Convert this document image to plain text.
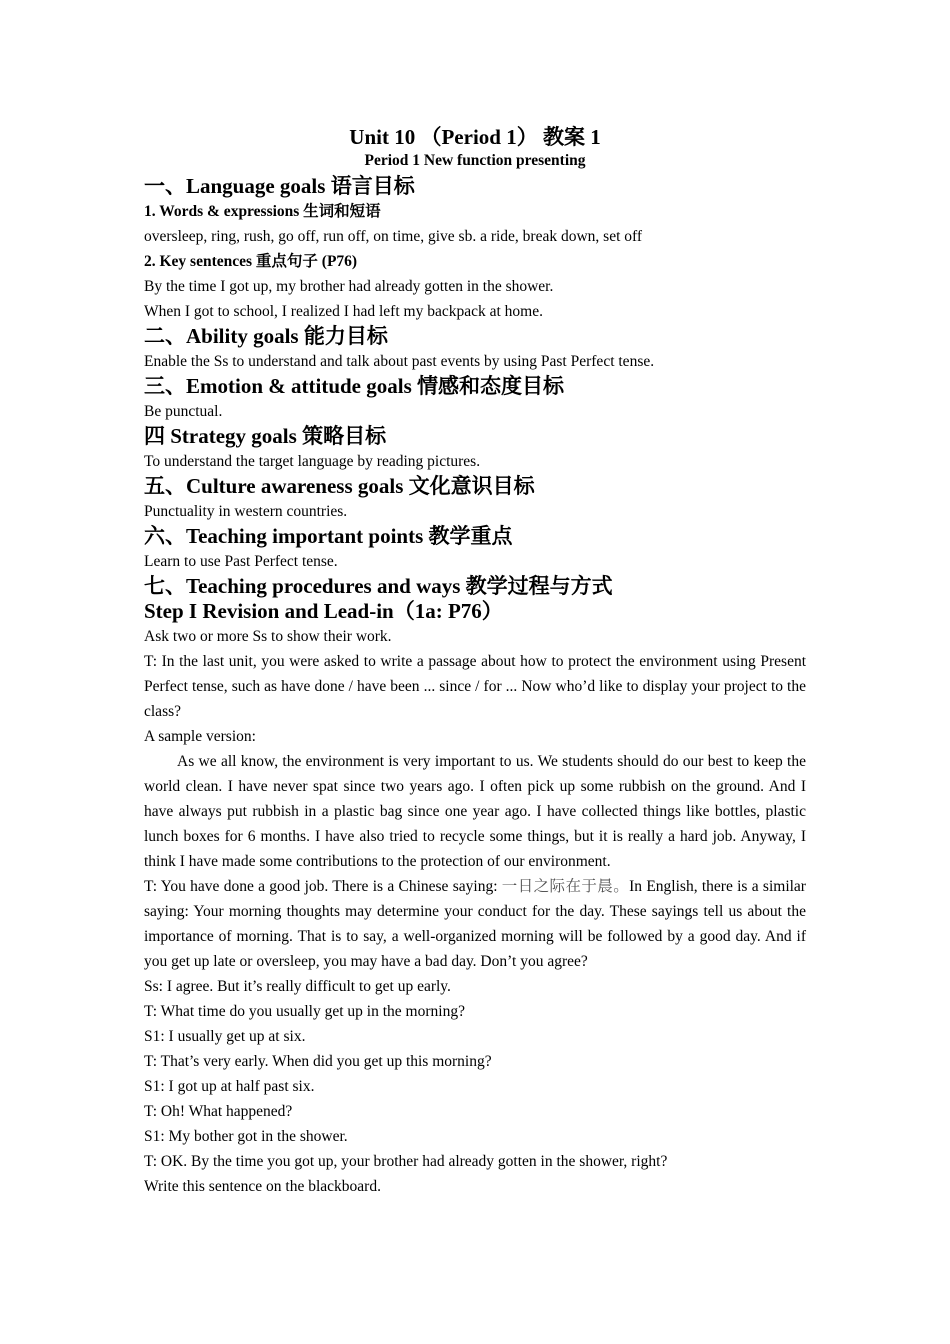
Unit 10 （Period 1） 教案 1
Period 1 New function presenting
一、Language goals 语言目标
1. Words & expressions 生词和短语
oversleep, ring, rush, go off, run off, on time, give sb. a ride, break down, set off
2. Key sentences 重点句子 (P76)
By the time I got up, my brother had already gotten in the shower.
When I got to school, I realized I had left my backpack at home.
二、Ability goals 能力目标
Enable the Ss to understand and talk about past events by using Past Perfect tense.
三、Emotion & attitude goals 情感和态度目标
Be punctual.
四 Strategy goals 策略目标
To understand the target language by reading pictures.
五、Culture awareness goals 文化意识目标
Punctuality in western countries.
六、Teaching important points 教学重点
Learn to use Past Perfect tense.
七、Teaching procedures and ways 教学过程与方式
Step I Revision and Lead-in（1a: P76）
Ask two or more Ss to show their work.
T: In the last unit, you were asked to write a passage about how to protect the environment using Present Perfect tense, such as have done / have been ... since / for ... Now who’d like to display your project to the class?
A sample version:
As we all know, the environment is very important to us. We students should do our best to keep the world clean. I have never spat since two years ago. I often pick up some rubbish on the ground. And I have always put rubbish in a plastic bag since one year ago. I have collected things like bottles, plastic lunch boxes for 6 months. I have also tried to recycle some things, but it is really a hard job. Anyway, I think I have made some contributions to the protection of our environment.
T: You have done a good job. There is a Chinese saying: 一日之际在于晨。In English, there is a similar saying: Your morning thoughts may determine your conduct for the day. These sayings tell us about the importance of morning. That is to say, a well-organized morning will be followed by a good day. And if you get up late or oversleep, you may have a bad day. Don’t you agree?
Ss: I agree. But it’s really difficult to get up early.
T: What time do you usually get up in the morning?
S1: I usually get up at six.
T: That’s very early. When did you get up this morning?
S1: I got up at half past six.
T: Oh! What happened?
S1: My bother got in the shower.
T: OK. By the time you got up, your brother had already gotten in the shower, right?
Write this sentence on the blackboard.
